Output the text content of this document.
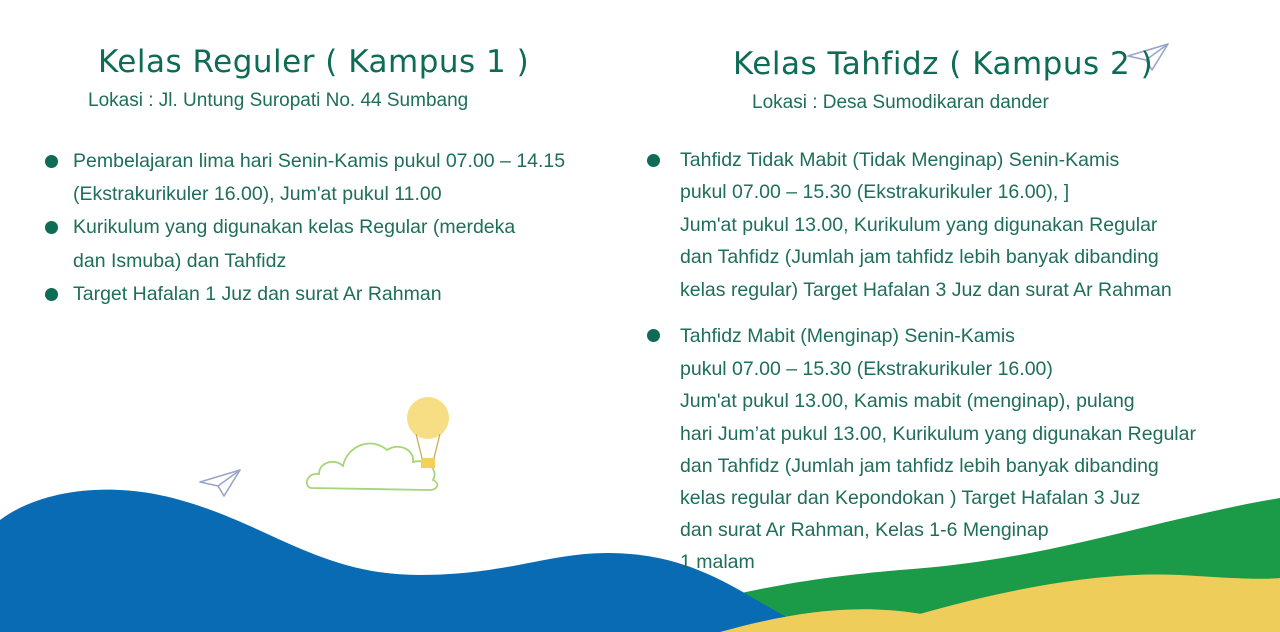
Kelas Reguler ( Kampus 1 )
Lokasi : Jl. Untung Suropati No. 44 Sumbang
Pembelajaran lima hari Senin-Kamis pukul 07.00 – 14.15
(Ekstrakurikuler 16.00), Jum'at pukul 11.00
Kurikulum yang digunakan kelas Regular (merdeka
dan Ismuba) dan Tahfidz
Target Hafalan 1 Juz dan surat Ar Rahman
Kelas Tahfidz ( Kampus 2 )
Lokasi : Desa Sumodikaran dander
Tahfidz Tidak Mabit (Tidak Menginap) Senin-Kamis
pukul 07.00 – 15.30 (Ekstrakurikuler 16.00), ]
Jum'at pukul 13.00, Kurikulum yang digunakan Regular
dan Tahfidz (Jumlah jam tahfidz lebih banyak dibanding
kelas regular) Target Hafalan 3 Juz dan surat Ar Rahman
Tahfidz Mabit (Menginap) Senin-Kamis
pukul 07.00 – 15.30 (Ekstrakurikuler 16.00)
Jum'at pukul 13.00, Kamis mabit (menginap), pulang
hari Jum’at pukul 13.00, Kurikulum yang digunakan Regular
dan Tahfidz (Jumlah jam tahfidz lebih banyak dibanding
kelas regular dan Kepondokan ) Target Hafalan 3 Juz
dan surat Ar Rahman, Kelas 1-6 Menginap
1 malam
